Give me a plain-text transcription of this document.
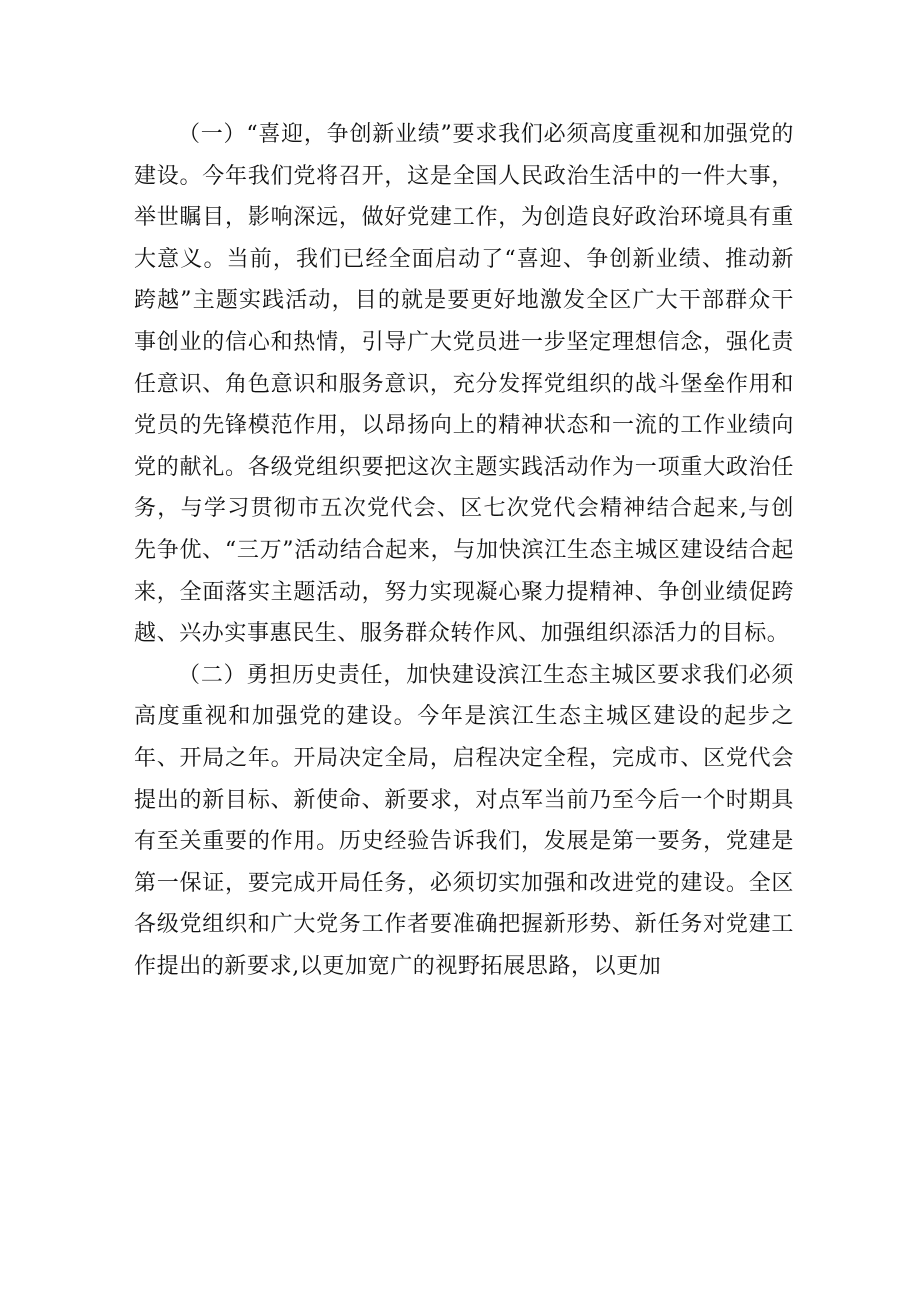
（一）“喜迎，争创新业绩”要求我们必须高度重视和加强党的建设。今年我们党将召开，这是全国人民政治生活中的一件大事，举世瞩目，影响深远，做好党建工作，为创造良好政治环境具有重大意义。当前，我们已经全面启动了“喜迎、争创新业绩、推动新跨越”主题实践活动，目的就是要更好地激发全区广大干部群众干事创业的信心和热情，引导广大党员进一步坚定理想信念，强化责任意识、角色意识和服务意识，充分发挥党组织的战斗堡垒作用和党员的先锋模范作用，以昂扬向上的精神状态和一流的工作业绩向党的献礼。各级党组织要把这次主题实践活动作为一项重大政治任务，与学习贯彻市五次党代会、区七次党代会精神结合起来,与创先争优、“三万”活动结合起来，与加快滨江生态主城区建设结合起来，全面落实主题活动，努力实现凝心聚力提精神、争创业绩促跨越、兴办实事惠民生、服务群众转作风、加强组织添活力的目标。

（二）勇担历史责任，加快建设滨江生态主城区要求我们必须高度重视和加强党的建设。今年是滨江生态主城区建设的起步之年、开局之年。开局决定全局，启程决定全程，完成市、区党代会提出的新目标、新使命、新要求，对点军当前乃至今后一个时期具有至关重要的作用。历史经验告诉我们，发展是第一要务，党建是第一保证，要完成开局任务，必须切实加强和改进党的建设。全区各级党组织和广大党务工作者要准确把握新形势、新任务对党建工作提出的新要求,以更加宽广的视野拓展思路，以更加
